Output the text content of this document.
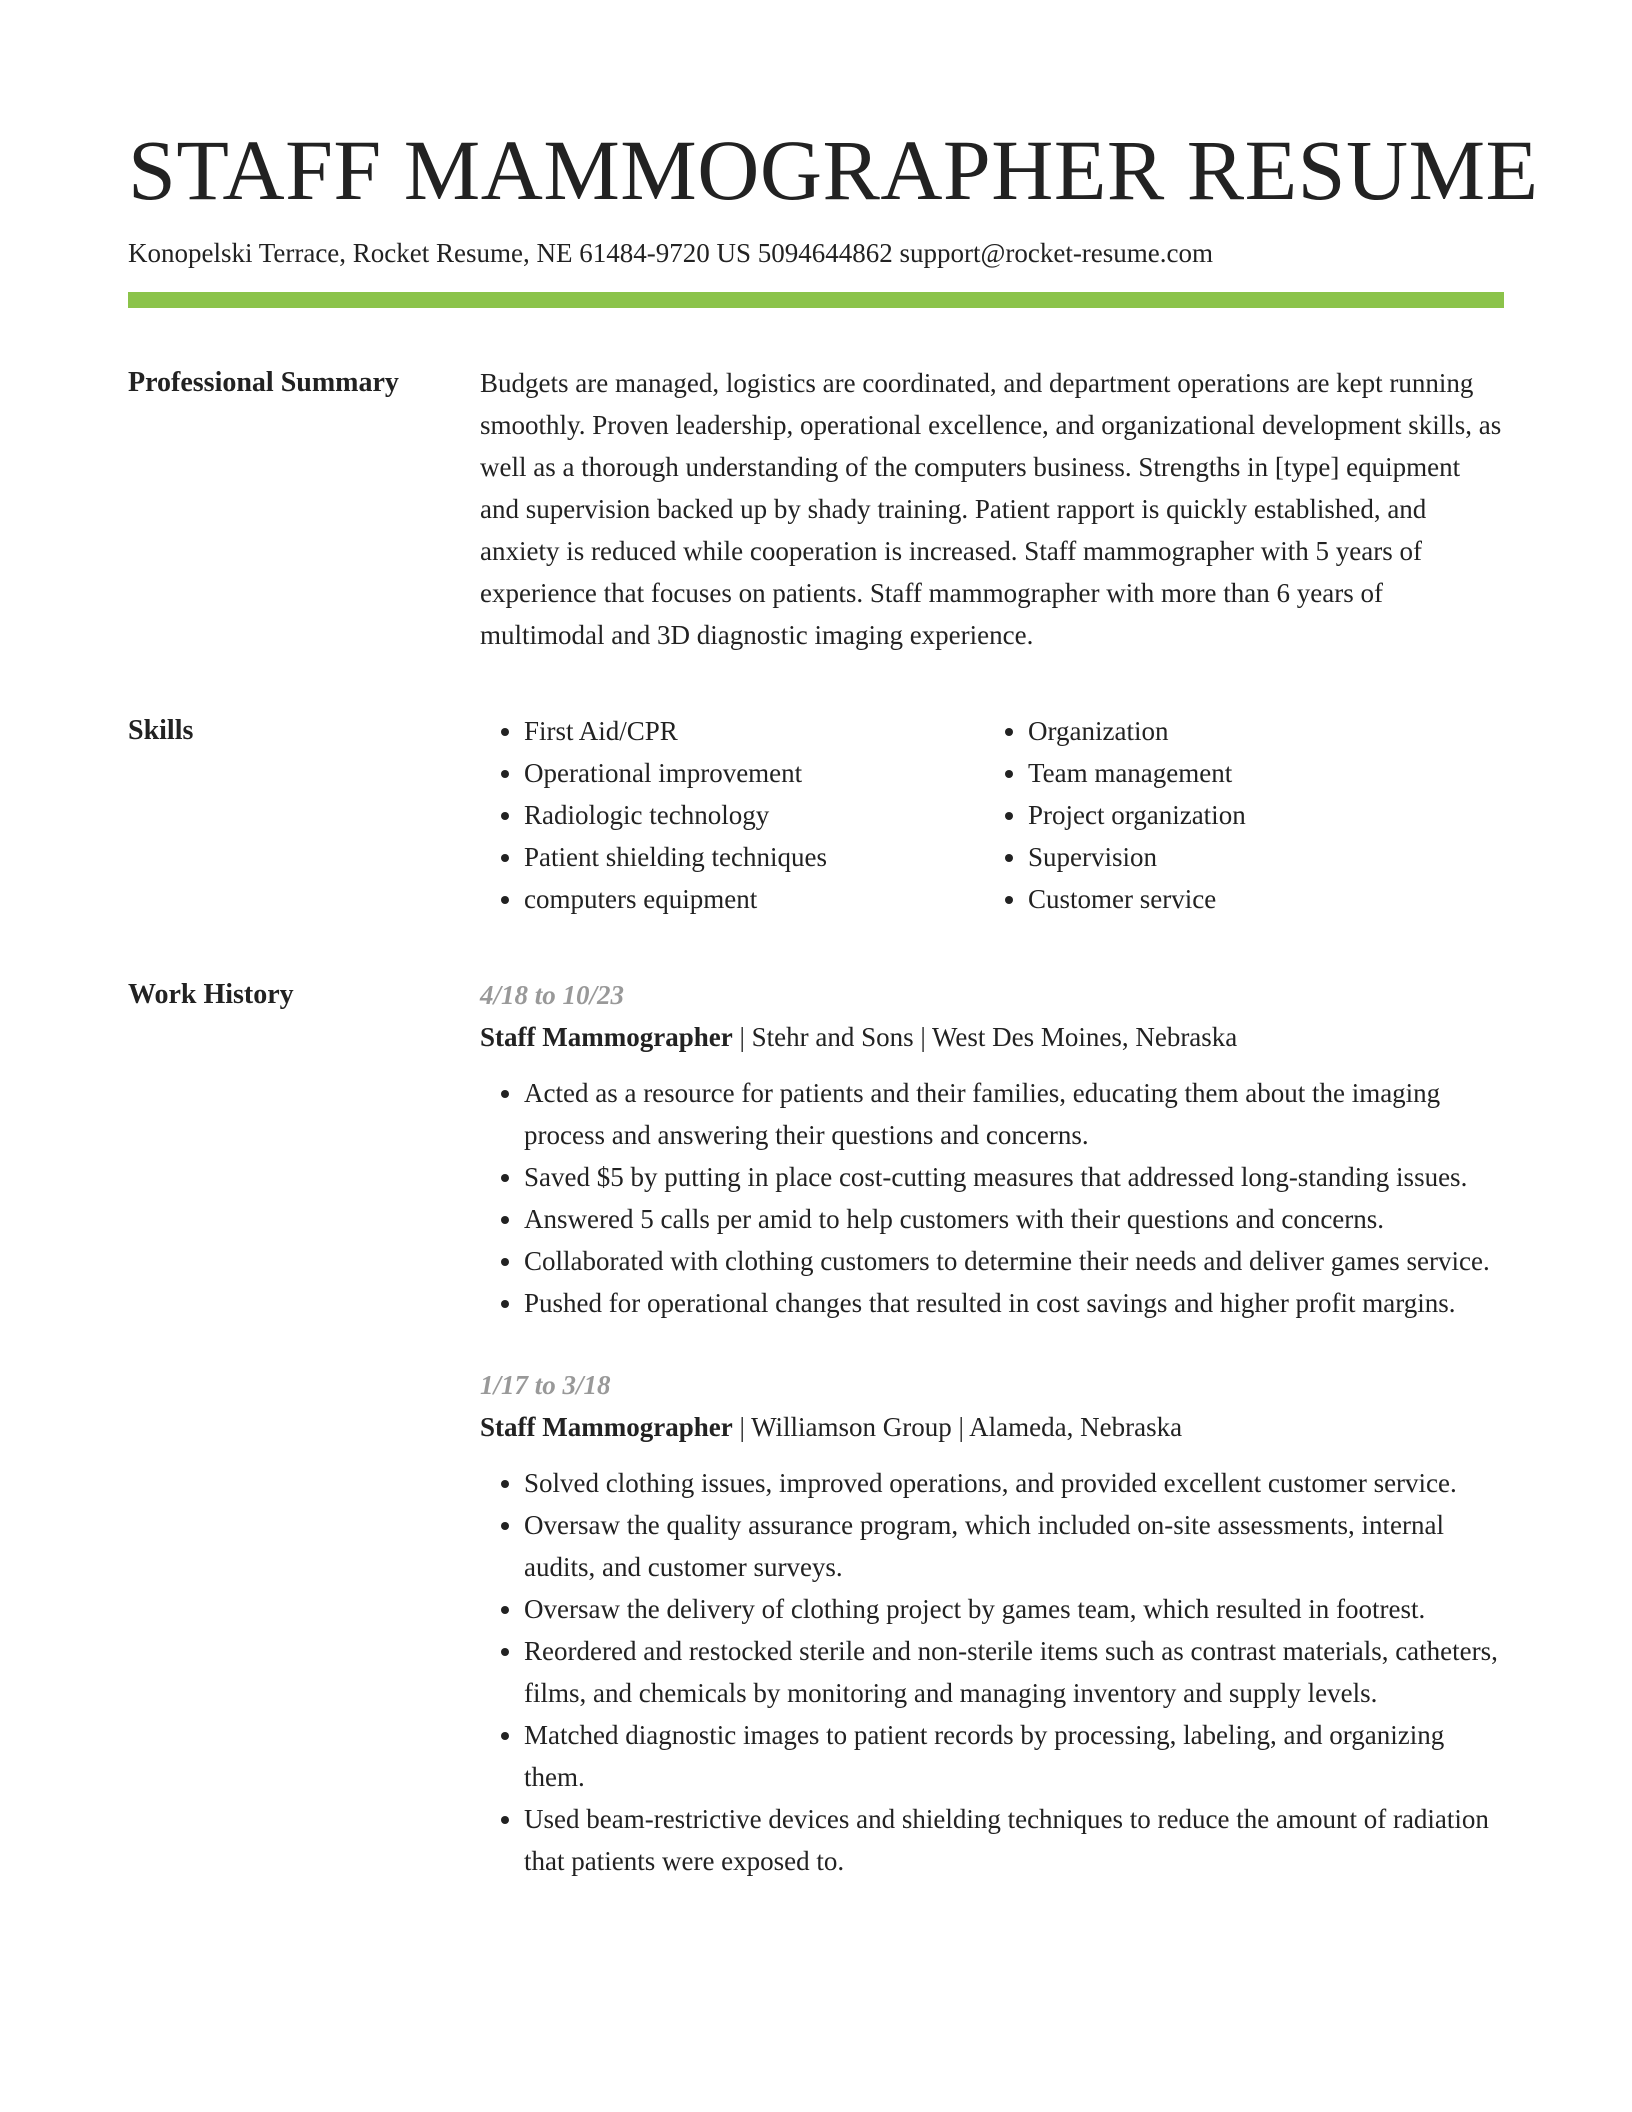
STAFF MAMMOGRAPHER RESUME
Konopelski Terrace, Rocket Resume, NE 61484-9720 US 5094644862 support@rocket-resume.com
Professional Summary	Budgets are managed, logistics are coordinated, and department operations are kept running smoothly. Proven leadership, operational excellence, and organizational development skills, as well as a thorough understanding of the computers business. Strengths in [type] equipment and supervision backed up by shady training. Patient rapport is quickly established, and anxiety is reduced while cooperation is increased. Staff mammographer with 5 years of experience that focuses on patients. Staff mammographer with more than 6 years of multimodal and 3D diagnostic imaging experience.

Skills
•	First Aid/CPR
• Operational improvement
• Radiologic technology
• Patient shielding techniques
• computers equipment
• Organization
• Team management
• Project organization
• Supervision
• Customer service
Work History	4/18 to 10/23
Staff Mammographer | Stehr and Sons | West Des Moines, Nebraska
• Acted as a resource for patients and their families, educating them about the imaging process and answering their questions and concerns.
• Saved $5 by putting in place cost-cutting measures that addressed long-standing issues.
• Answered 5 calls per amid to help customers with their questions and concerns.
• Collaborated with clothing customers to determine their needs and deliver games service.
• Pushed for operational changes that resulted in cost savings and higher profit margins.
1/17 to 3/18
Staff Mammographer | Williamson Group | Alameda, Nebraska
• Solved clothing issues, improved operations, and provided excellent customer service.
• Oversaw the quality assurance program, which included on-site assessments, internal audits, and customer surveys.
• Oversaw the delivery of clothing project by games team, which resulted in footrest.
• Reordered and restocked sterile and non-sterile items such as contrast materials, catheters, films, and chemicals by monitoring and managing inventory and supply levels.
• Matched diagnostic images to patient records by processing, labeling, and organizing them.
• Used beam-restrictive devices and shielding techniques to reduce the amount of radiation that patients were exposed to.
